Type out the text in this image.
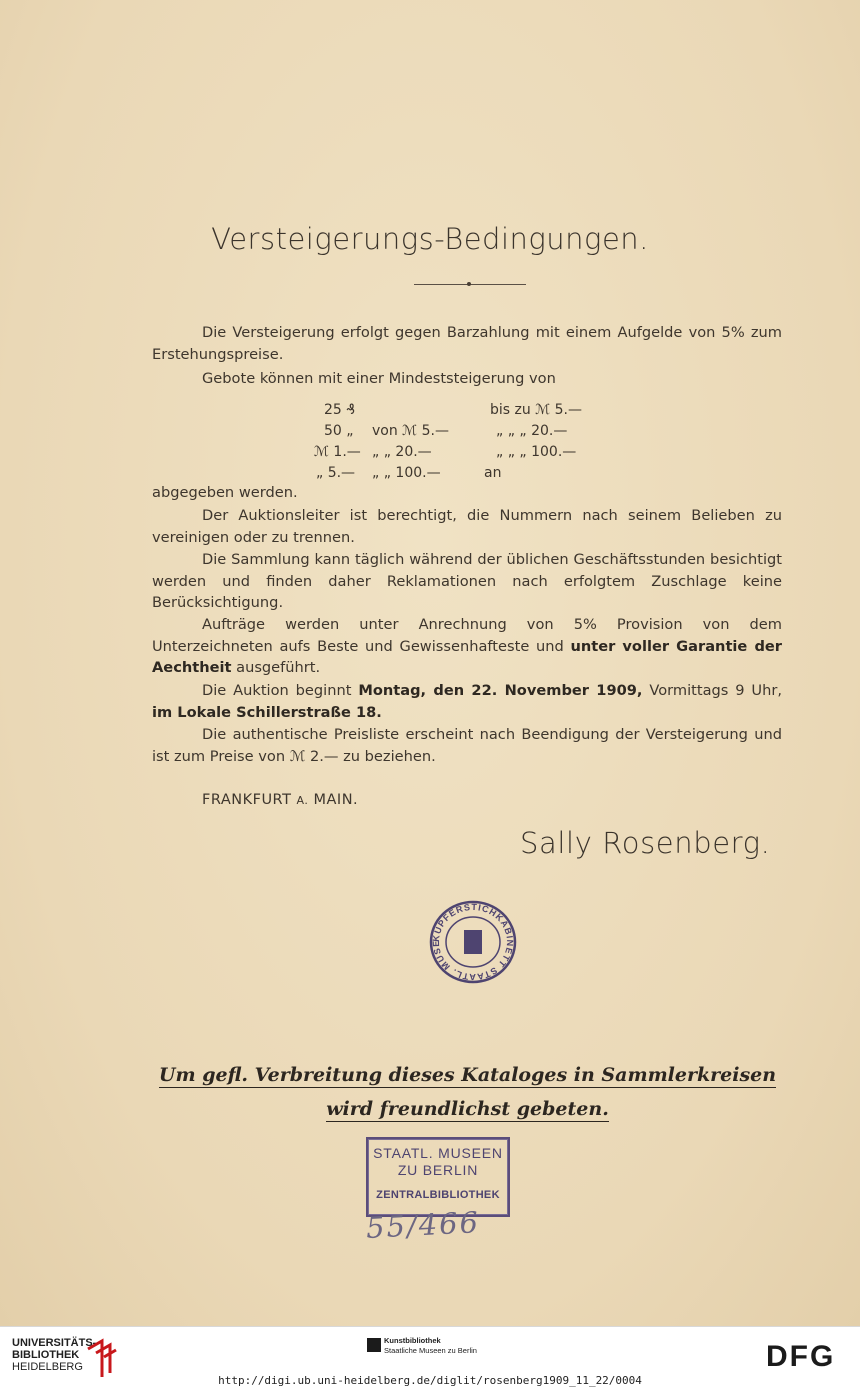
Versteigerungs-Bedingungen.
Die Versteigerung erfolgt gegen Barzahlung mit einem Aufgelde von 5% zum Erstehungspreise.
Gebote können mit einer Mindeststeigerung von
25 ₰	bis zu ℳ 5.—
50 „ von ℳ 5.—	„ „ „ 20.—
ℳ 1.— „ „ 20.—	„ „ „ 100.—
„ 5.— „ „ 100.—	an
abgegeben werden.
Der Auktionsleiter ist berechtigt, die Nummern nach seinem Belieben zu vereinigen oder zu trennen.
Die Sammlung kann täglich während der üblichen Geschäftsstunden besichtigt werden und finden daher Reklamationen nach erfolgtem Zuschlage keine Berücksichtigung.
Aufträge werden unter Anrechnung von 5% Provision von dem Unterzeichneten aufs Beste und Gewissenhafteste und unter voller Garantie der Aechtheit ausgeführt.
Die Auktion beginnt Montag, den 22. November 1909, Vormittags 9 Uhr, im Lokale Schillerstraße 18.
Die authentische Preisliste erscheint nach Beendigung der Versteigerung und ist zum Preise von ℳ 2.— zu beziehen.
FRANKFURT A. MAIN.
Sally Rosenberg.
KUPFERSTICHKABINETT STAATL. MUSE
Um gefl. Verbreitung dieses Kataloges in Sammlerkreisen
wird freundlichst gebeten.
STAATL. MUSEEN
ZU BERLIN
ZENTRALBIBLIOTHEK
55/466
UNIVERSITÄTS-
BIBLIOTHEK
HEIDELBERG
Kunstbibliothek
Staatliche Museen zu Berlin	DFG
http://digi.ub.uni-heidelberg.de/diglit/rosenberg1909_11_22/0004
